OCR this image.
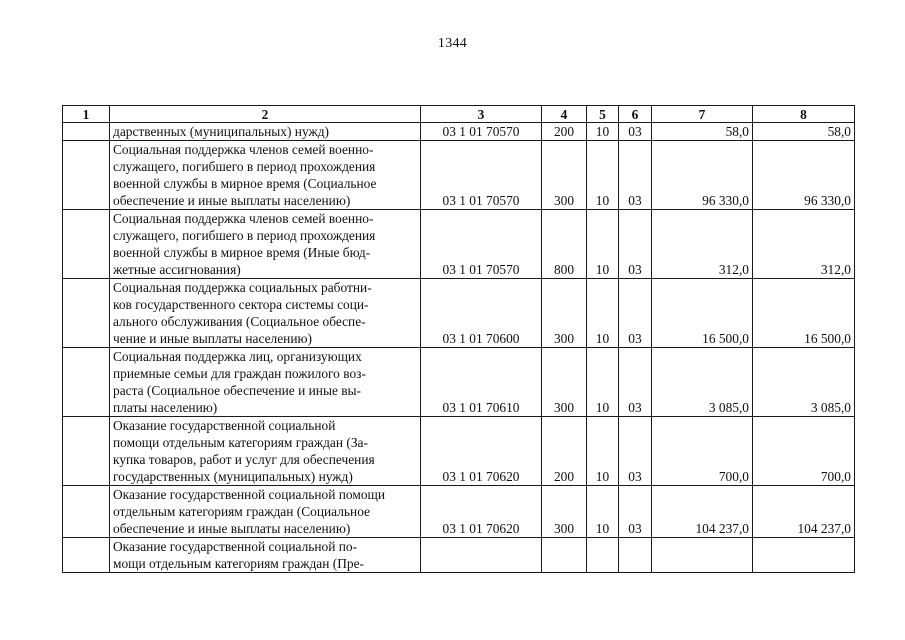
1344
1	2	3	4	5	6	7	8
	дарственных (муниципальных) нужд)	03 1 01 70570	200	10	03	58,0	58,0
	Социальная поддержка членов семей военно-
служащего, погибшего в период прохождения
военной службы в мирное время (Социальное
обеспечение и иные выплаты населению)	03 1 01 70570	300	10	03	96 330,0	96 330,0
	Социальная поддержка членов семей военно-
служащего, погибшего в период прохождения
военной службы в мирное время (Иные бюд-
жетные ассигнования)	03 1 01 70570	800	10	03	312,0	312,0
	Социальная поддержка социальных работни-
ков государственного сектора системы соци-
ального обслуживания (Социальное обеспе-
чение и иные выплаты населению)	03 1 01 70600	300	10	03	16 500,0	16 500,0
	Социальная поддержка лиц, организующих
приемные семьи для граждан пожилого воз-
раста (Социальное обеспечение и иные вы-
платы населению)	03 1 01 70610	300	10	03	3 085,0	3 085,0
	Оказание государственной социальной
помощи отдельным категориям граждан (За-
купка товаров, работ и услуг для обеспечения
государственных (муниципальных) нужд)	03 1 01 70620	200	10	03	700,0	700,0
	Оказание государственной социальной помощи
отдельным категориям граждан (Социальное
обеспечение и иные выплаты населению)	03 1 01 70620	300	10	03	104 237,0	104 237,0

	Оказание государственной социальной по-
мощи отдельным категориям граждан (Пре-						
